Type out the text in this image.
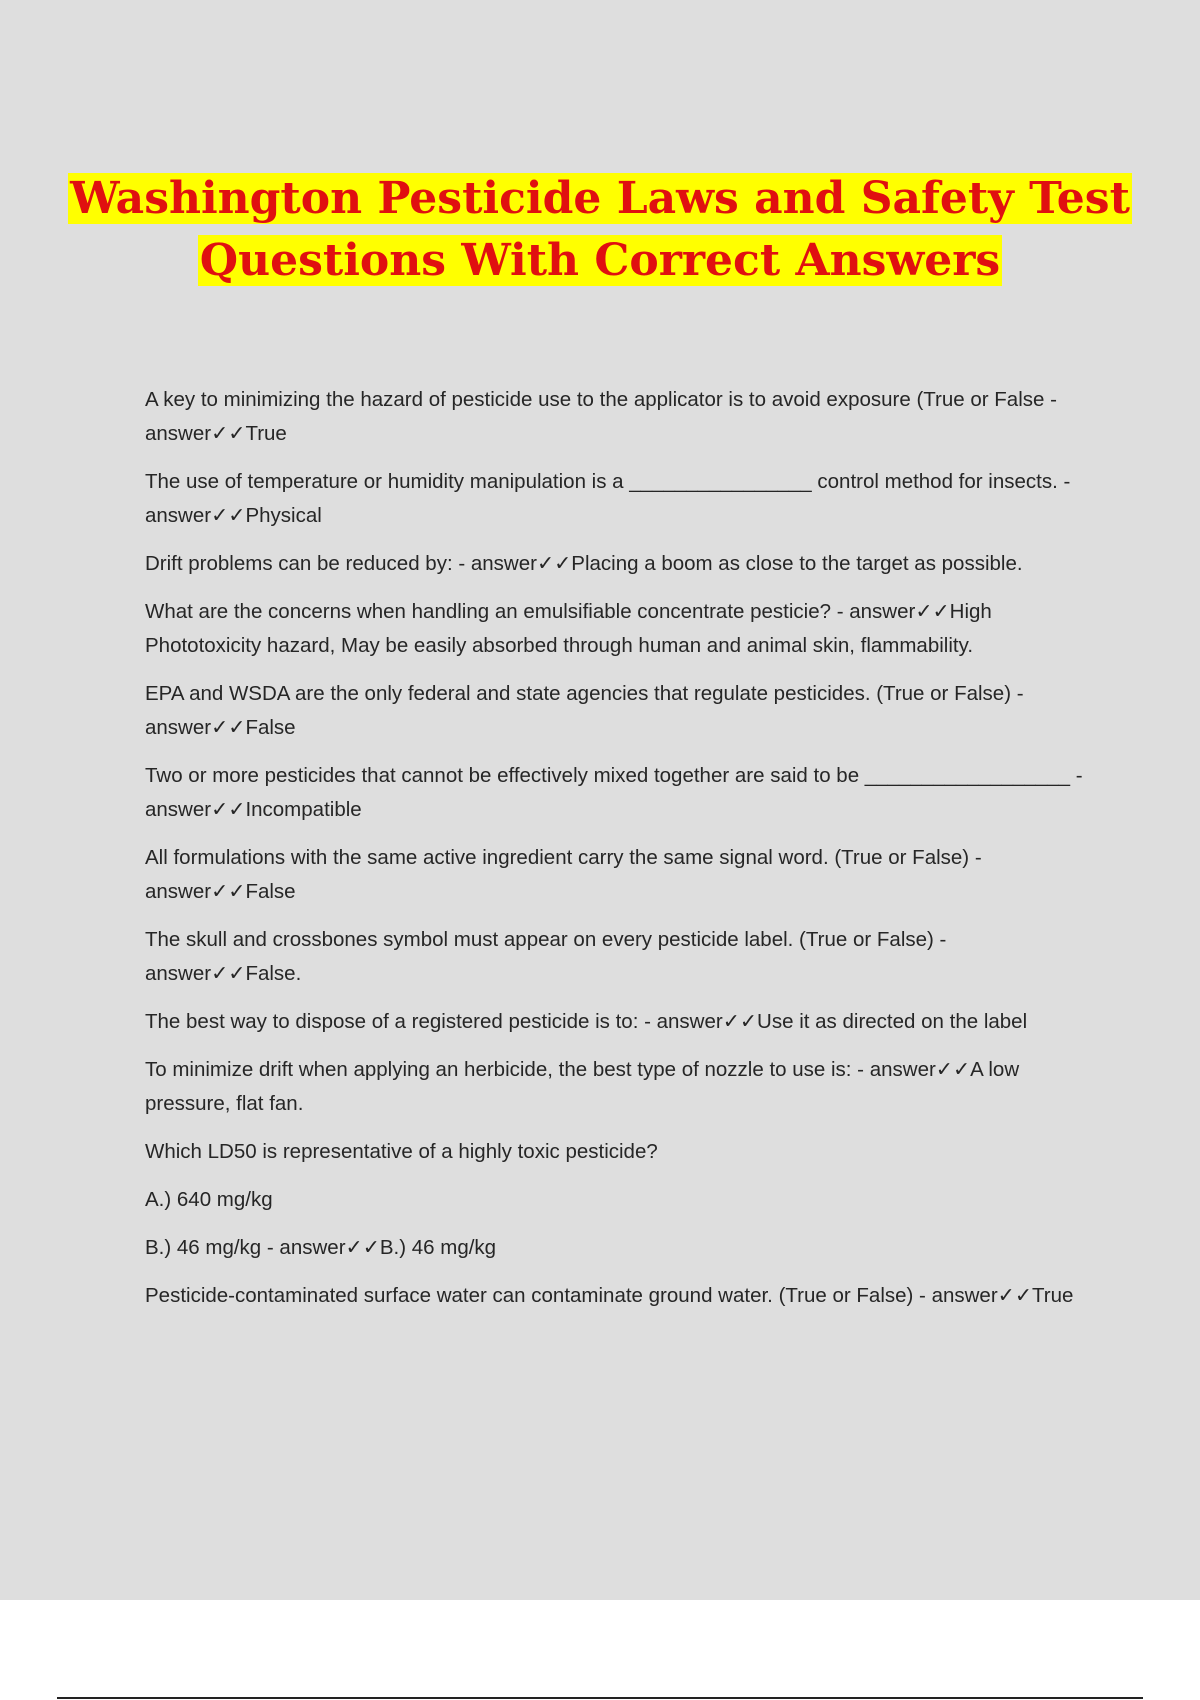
Washington Pesticide Laws and Safety Test
Questions With Correct Answers

A key to minimizing the hazard of pesticide use to the applicator is to avoid exposure (True or False - answer✓✓True

The use of temperature or humidity manipulation is a ________________ control method for insects. - answer✓✓Physical

Drift problems can be reduced by: - answer✓✓Placing a boom as close to the target as possible.

What are the concerns when handling an emulsifiable concentrate pesticie? - answer✓✓High Phototoxicity hazard, May be easily absorbed through human and animal skin, flammability.

EPA and WSDA are the only federal and state agencies that regulate pesticides. (True or False) - answer✓✓False

Two or more pesticides that cannot be effectively mixed together are said to be __________________ - answer✓✓Incompatible

All formulations with the same active ingredient carry the same signal word. (True or False) - answer✓✓False

The skull and crossbones symbol must appear on every pesticide label. (True or False) - answer✓✓False.

The best way to dispose of a registered pesticide is to: - answer✓✓Use it as directed on the label

To minimize drift when applying an herbicide, the best type of nozzle to use is: - answer✓✓A low pressure, flat fan.

Which LD50 is representative of a highly toxic pesticide?

A.) 640 mg/kg

B.) 46 mg/kg - answer✓✓B.) 46 mg/kg

Pesticide-contaminated surface water can contaminate ground water. (True or False) - answer✓✓True
